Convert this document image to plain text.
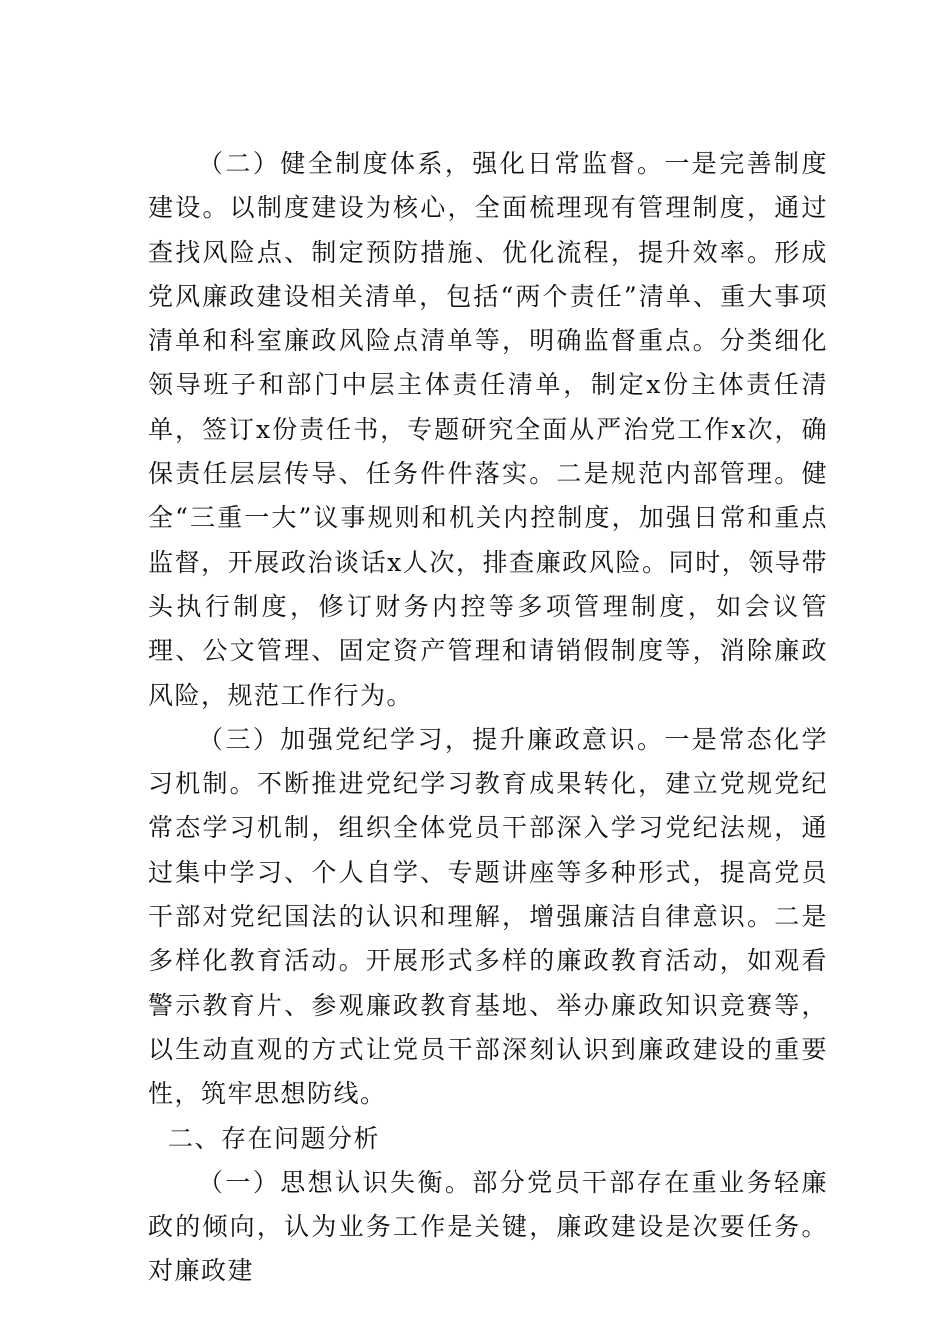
（二）健全制度体系，强化日常监督。一是完善制度建设。以制度建设为核心，全面梳理现有管理制度，通过查找风险点、制定预防措施、优化流程，提升效率。形成党风廉政建设相关清单，包括“两个责任”清单、重大事项清单和科室廉政风险点清单等，明确监督重点。分类细化领导班子和部门中层主体责任清单，制定x份主体责任清单，签订x份责任书，专题研究全面从严治党工作x次，确保责任层层传导、任务件件落实。二是规范内部管理。健全“三重一大”议事规则和机关内控制度，加强日常和重点监督，开展政治谈话x人次，排查廉政风险。同时，领导带头执行制度，修订财务内控等多项管理制度，如会议管理、公文管理、固定资产管理和请销假制度等，消除廉政风险，规范工作行为。

（三）加强党纪学习，提升廉政意识。一是常态化学习机制。不断推进党纪学习教育成果转化，建立党规党纪常态学习机制，组织全体党员干部深入学习党纪法规，通过集中学习、个人自学、专题讲座等多种形式，提高党员干部对党纪国法的认识和理解，增强廉洁自律意识。二是多样化教育活动。开展形式多样的廉政教育活动，如观看警示教育片、参观廉政教育基地、举办廉政知识竞赛等，以生动直观的方式让党员干部深刻认识到廉政建设的重要性，筑牢思想防线。

二、存在问题分析

（一）思想认识失衡。部分党员干部存在重业务轻廉政的倾向，认为业务工作是关键，廉政建设是次要任务。对廉政建
